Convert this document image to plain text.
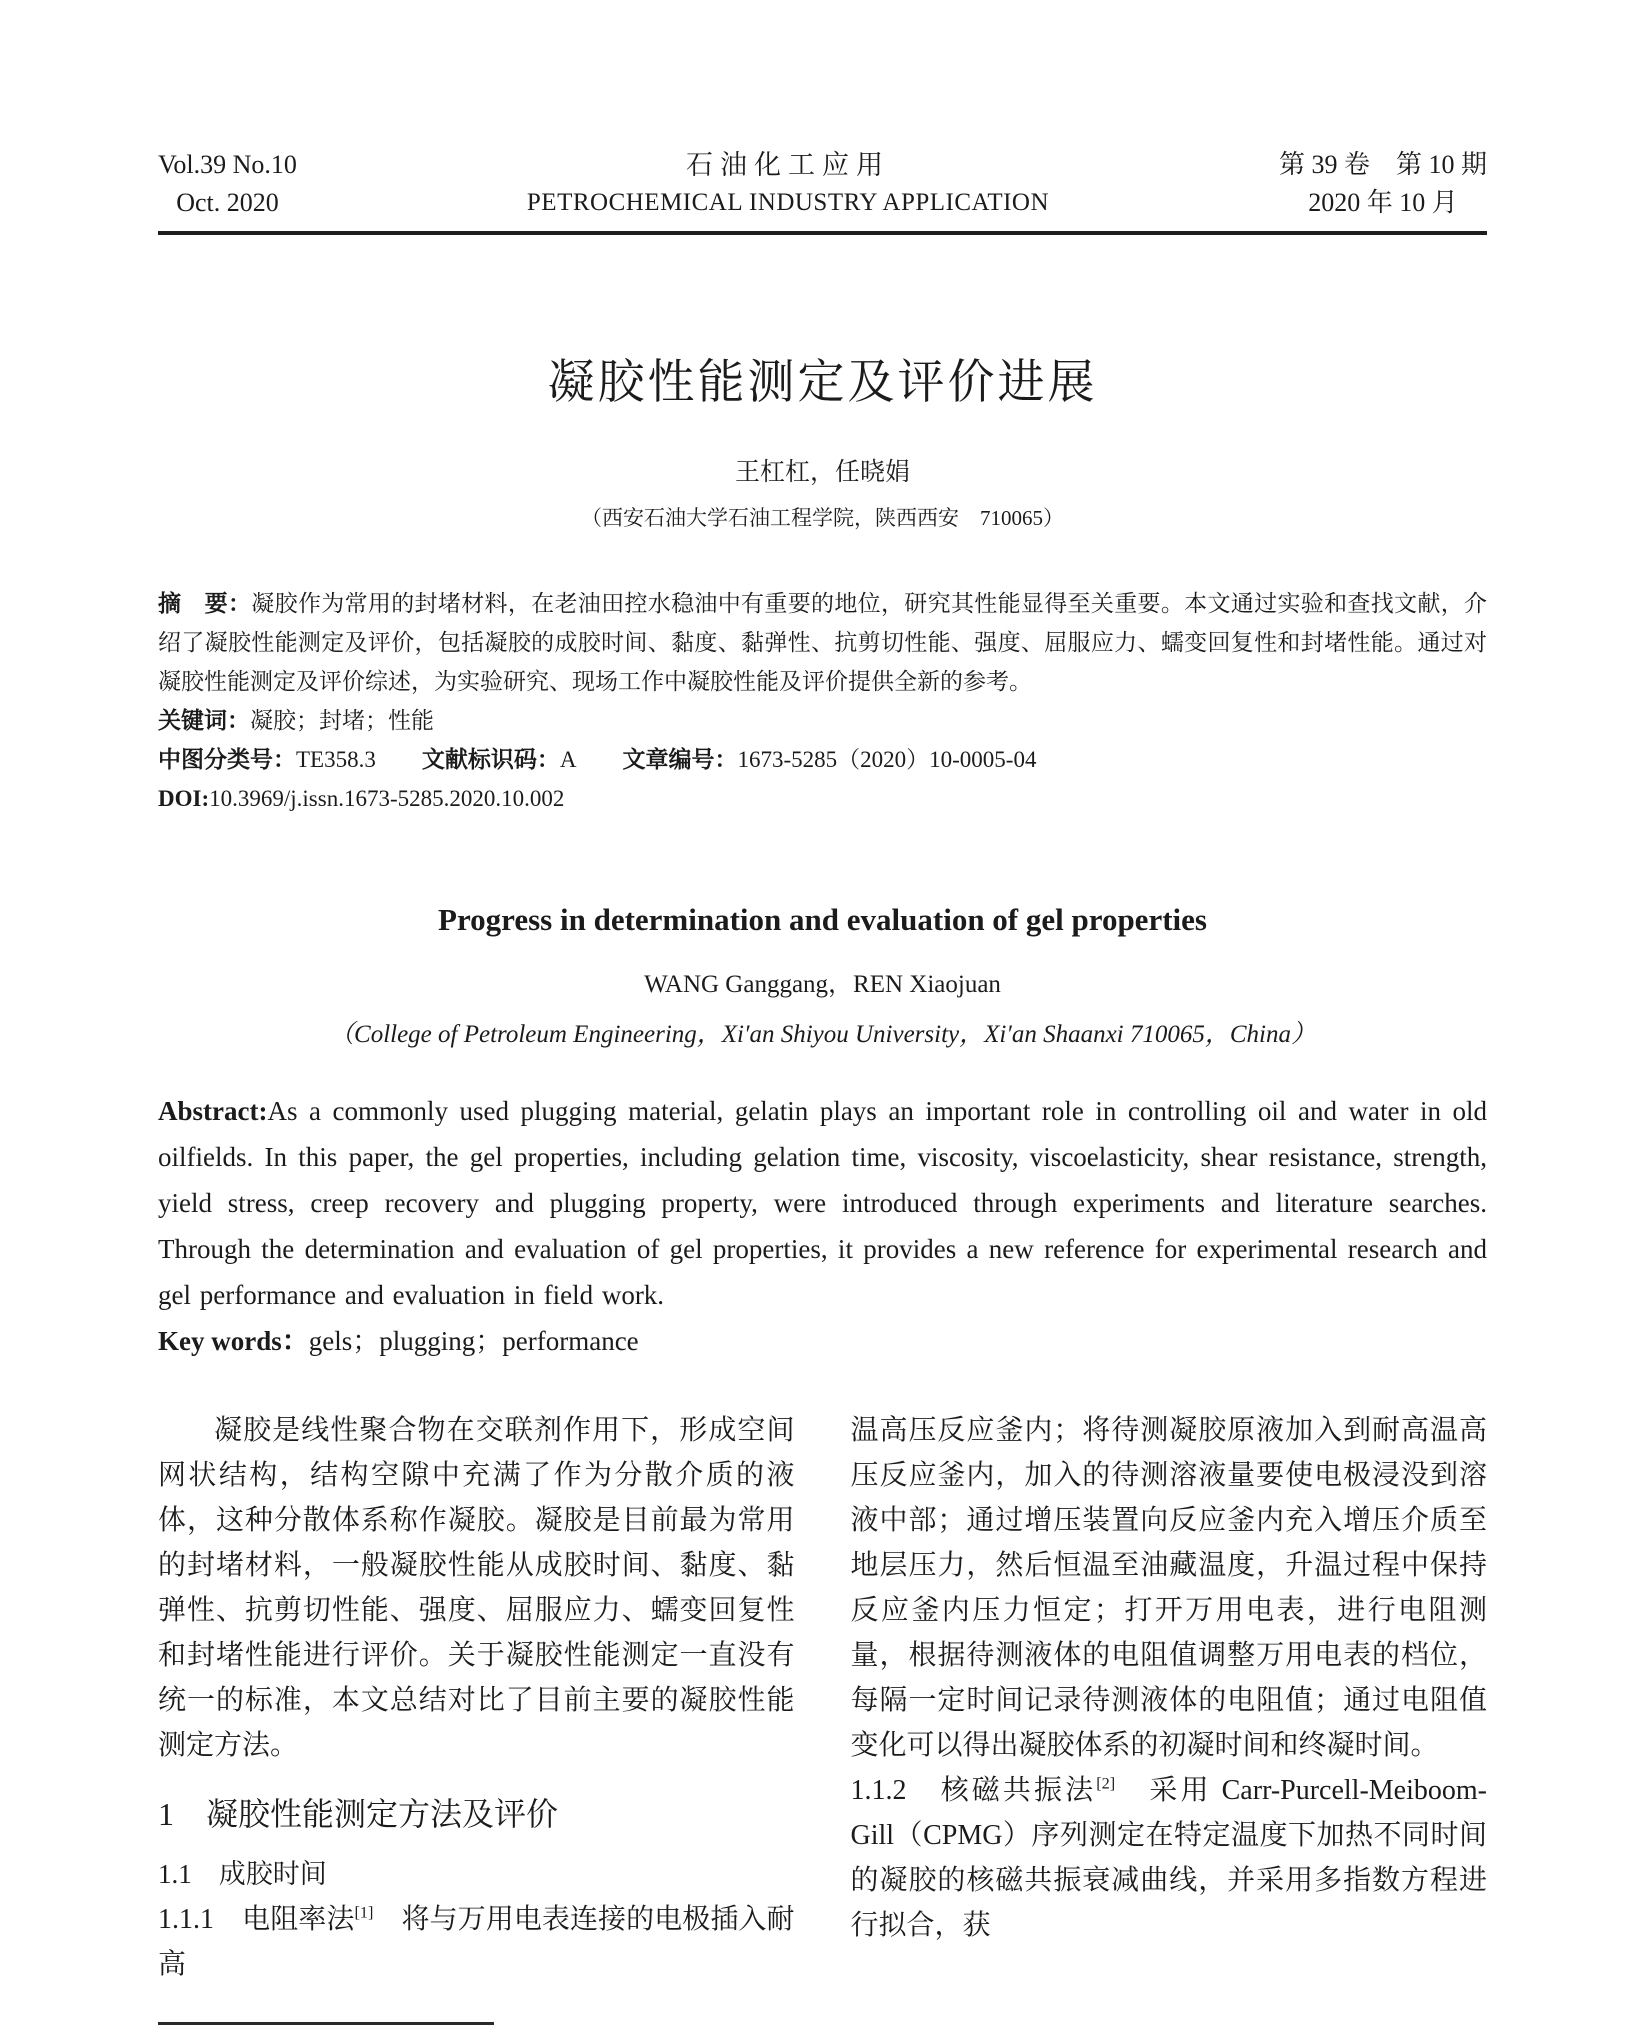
Vol.39 No.10
Oct. 2020
石油化工应用
PETROCHEMICAL INDUSTRY APPLICATION
第 39 卷　第 10 期
2020 年 10 月
凝胶性能测定及评价进展
王杠杠，任晓娟
（西安石油大学石油工程学院，陕西西安　710065）

摘　要：凝胶作为常用的封堵材料，在老油田控水稳油中有重要的地位，研究其性能显得至关重要。本文通过实验和查找文献，介绍了凝胶性能测定及评价，包括凝胶的成胶时间、黏度、黏弹性、抗剪切性能、强度、屈服应力、蠕变回复性和封堵性能。通过对凝胶性能测定及评价综述，为实验研究、现场工作中凝胶性能及评价提供全新的参考。

关键词：凝胶；封堵；性能

中图分类号：TE358.3 文献标识码：A 文章编号：1673-5285（2020）10-0005-04

DOI:10.3969/j.issn.1673-5285.2020.10.002

Progress in determination and evaluation of gel properties
WANG Ganggang，REN Xiaojuan
（College of Petroleum Engineering，Xi′an Shiyou University，Xi′an Shaanxi 710065，China）

Abstract:As a commonly used plugging material, gelatin plays an important role in controlling oil and water in old oilfields. In this paper, the gel properties, including gelation time, viscosity, viscoelasticity, shear resistance, strength, yield stress, creep recovery and plugging property, were introduced through experiments and literature searches. Through the determination and evaluation of gel properties, it provides a new reference for experimental research and gel performance and evaluation in field work.

Key words：gels；plugging；performance

凝胶是线性聚合物在交联剂作用下，形成空间网状结构，结构空隙中充满了作为分散介质的液体，这种分散体系称作凝胶。凝胶是目前最为常用的封堵材料，一般凝胶性能从成胶时间、黏度、黏弹性、抗剪切性能、强度、屈服应力、蠕变回复性和封堵性能进行评价。关于凝胶性能测定一直没有统一的标准，本文总结对比了目前主要的凝胶性能测定方法。

1　凝胶性能测定方法及评价
1.1　成胶时间

1.1.1　电阻率法[1]　将与万用电表连接的电极插入耐高

温高压反应釜内；将待测凝胶原液加入到耐高温高压反应釜内，加入的待测溶液量要使电极浸没到溶液中部；通过增压装置向反应釜内充入增压介质至地层压力，然后恒温至油藏温度，升温过程中保持反应釜内压力恒定；打开万用电表，进行电阻测量，根据待测液体的电阻值调整万用电表的档位，每隔一定时间记录待测液体的电阻值；通过电阻值变化可以得出凝胶体系的初凝时间和终凝时间。

1.1.2　核磁共振法[2]　采用 Carr-Purcell-Meiboom-Gill（CPMG）序列测定在特定温度下加热不同时间的凝胶的核磁共振衰减曲线，并采用多指数方程进行拟合，获
